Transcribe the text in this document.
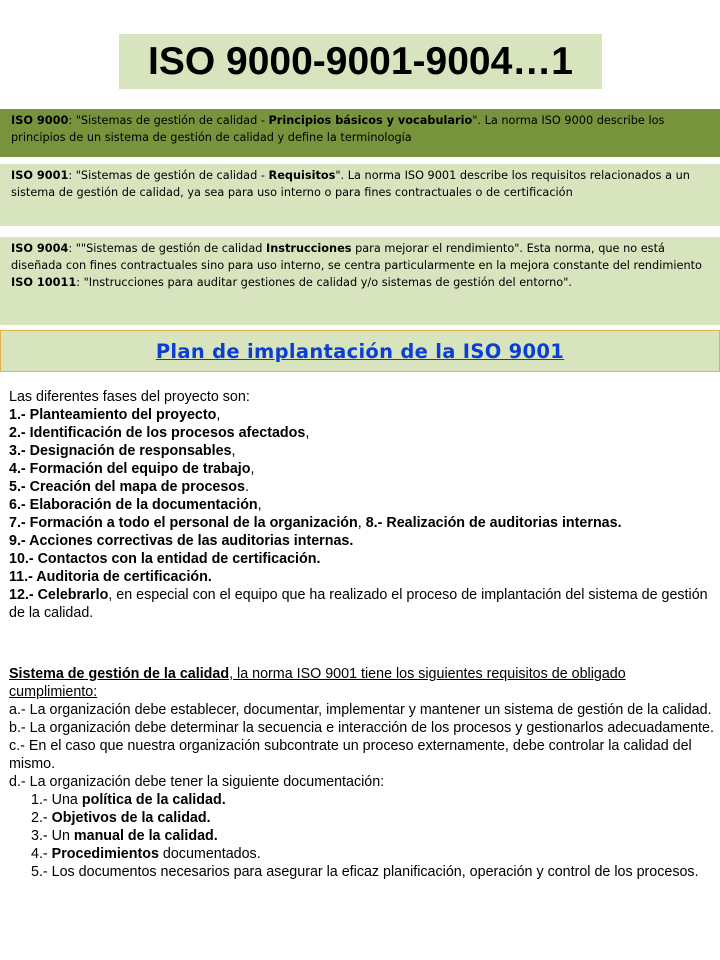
ISO 9000-9001-9004…1
ISO 9000: "Sistemas de gestión de calidad - Principios básicos y vocabulario". La norma ISO 9000 describe los principios de un sistema de gestión de calidad y define la terminología
ISO 9001: "Sistemas de gestión de calidad - Requisitos". La norma ISO 9001 describe los requisitos relacionados a un sistema de gestión de calidad, ya sea para uso interno o para fines contractuales o de certificación
ISO 9004: ""Sistemas de gestión de calidad Instrucciones para mejorar el rendimiento". Esta norma, que no está diseñada con fines contractuales sino para uso interno, se centra particularmente en la mejora constante del rendimiento
ISO 10011: "Instrucciones para auditar gestiones de calidad y/o sistemas de gestión del entorno".
Plan de implantación de la ISO 9001
Las diferentes fases del proyecto son:
1.- Planteamiento del proyecto,
2.- Identificación de los procesos afectados,
3.- Designación de responsables,
4.- Formación del equipo de trabajo,
5.- Creación del mapa de procesos.
6.- Elaboración de la documentación,
7.- Formación a todo el personal de la organización, 8.- Realización de auditorias internas.
9.- Acciones correctivas de las auditorias internas.
10.- Contactos con la entidad de certificación.
11.- Auditoria de certificación.
12.- Celebrarlo, en especial con el equipo que ha realizado el proceso de implantación del sistema de gestión de la calidad.
Sistema de gestión de la calidad, la norma ISO 9001 tiene los siguientes requisitos de obligado cumplimiento:
a.- La organización debe establecer, documentar, implementar y mantener un sistema de gestión de la calidad.
b.- La organización debe determinar la secuencia e interacción de los procesos y gestionarlos adecuadamente.
c.- En el caso que nuestra organización subcontrate un proceso externamente, debe controlar la calidad del mismo.
d.- La organización debe tener la siguiente documentación:
1.- Una política de la calidad.
2.- Objetivos de la calidad.
3.- Un manual de la calidad.
4.- Procedimientos documentados.
5.- Los documentos necesarios para asegurar la eficaz planificación, operación y control de los procesos.
